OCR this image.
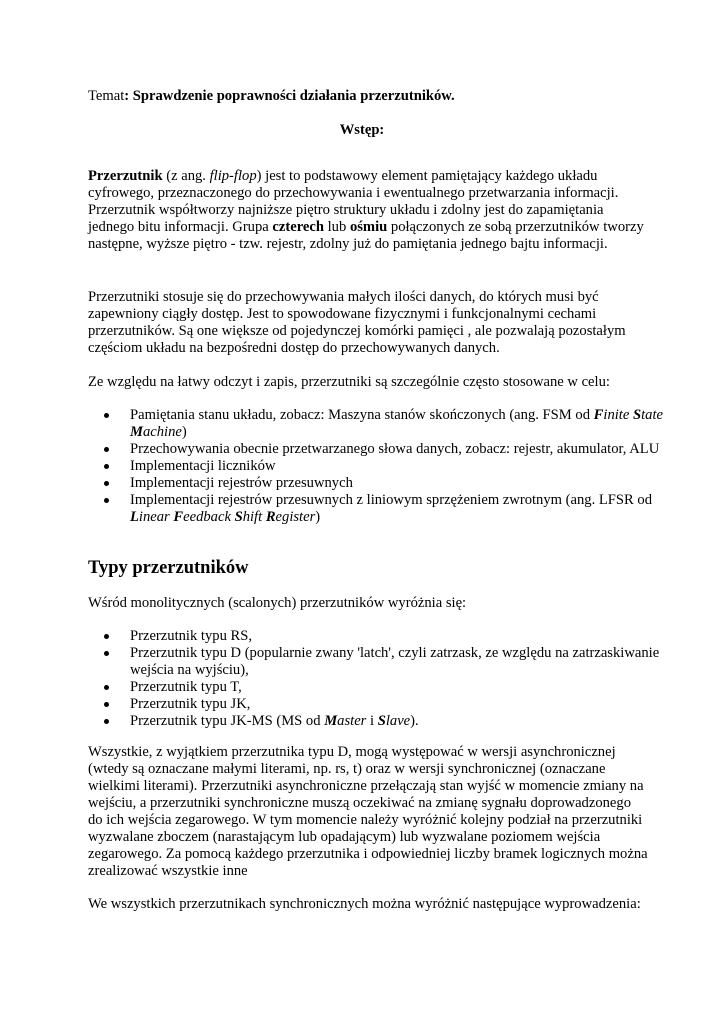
Temat: Sprawdzenie poprawności działania przerzutników.

Wstęp:

Przerzutnik (z ang. flip-flop) jest to podstawowy element pamiętający każdego układu cyfrowego, przeznaczonego do przechowywania i ewentualnego przetwarzania informacji. Przerzutnik współtworzy najniższe piętro struktury układu i zdolny jest do zapamiętania jednego bitu informacji. Grupa czterech lub ośmiu połączonych ze sobą przerzutników tworzy następne, wyższe piętro - tzw. rejestr, zdolny już do pamiętania jednego bajtu informacji.

Przerzutniki stosuje się do przechowywania małych ilości danych, do których musi być zapewniony ciągły dostęp. Jest to spowodowane fizycznymi i funkcjonalnymi cechami przerzutników. Są one większe od pojedynczej komórki pamięci , ale pozwalają pozostałym częściom układu na bezpośredni dostęp do przechowywanych danych.

Ze względu na łatwy odczyt i zapis, przerzutniki są szczególnie często stosowane w celu:

Pamiętania stanu układu, zobacz: Maszyna stanów skończonych (ang. FSM od Finite State Machine)
Przechowywania obecnie przetwarzanego słowa danych, zobacz: rejestr, akumulator, ALU
Implementacji liczników
Implementacji rejestrów przesuwnych
Implementacji rejestrów przesuwnych z liniowym sprzężeniem zwrotnym (ang. LFSR od Linear Feedback Shift Register)
Typy przerzutników

Wśród monolitycznych (scalonych) przerzutników wyróżnia się:

Przerzutnik typu RS,
Przerzutnik typu D (popularnie zwany 'latch', czyli zatrzask, ze względu na zatrzaskiwanie wejścia na wyjściu),
Przerzutnik typu T,
Przerzutnik typu JK,
Przerzutnik typu JK-MS (MS od Master i Slave).

Wszystkie, z wyjątkiem przerzutnika typu D, mogą występować w wersji asynchronicznej (wtedy są oznaczane małymi literami, np. rs, t) oraz w wersji synchronicznej (oznaczane wielkimi literami). Przerzutniki asynchroniczne przełączają stan wyjść w momencie zmiany na wejściu, a przerzutniki synchroniczne muszą oczekiwać na zmianę sygnału doprowadzonego do ich wejścia zegarowego. W tym momencie należy wyróżnić kolejny podział na przerzutniki wyzwalane zboczem (narastającym lub opadającym) lub wyzwalane poziomem wejścia zegarowego. Za pomocą każdego przerzutnika i odpowiedniej liczby bramek logicznych można zrealizować wszystkie inne

We wszystkich przerzutnikach synchronicznych można wyróżnić następujące wyprowadzenia:
